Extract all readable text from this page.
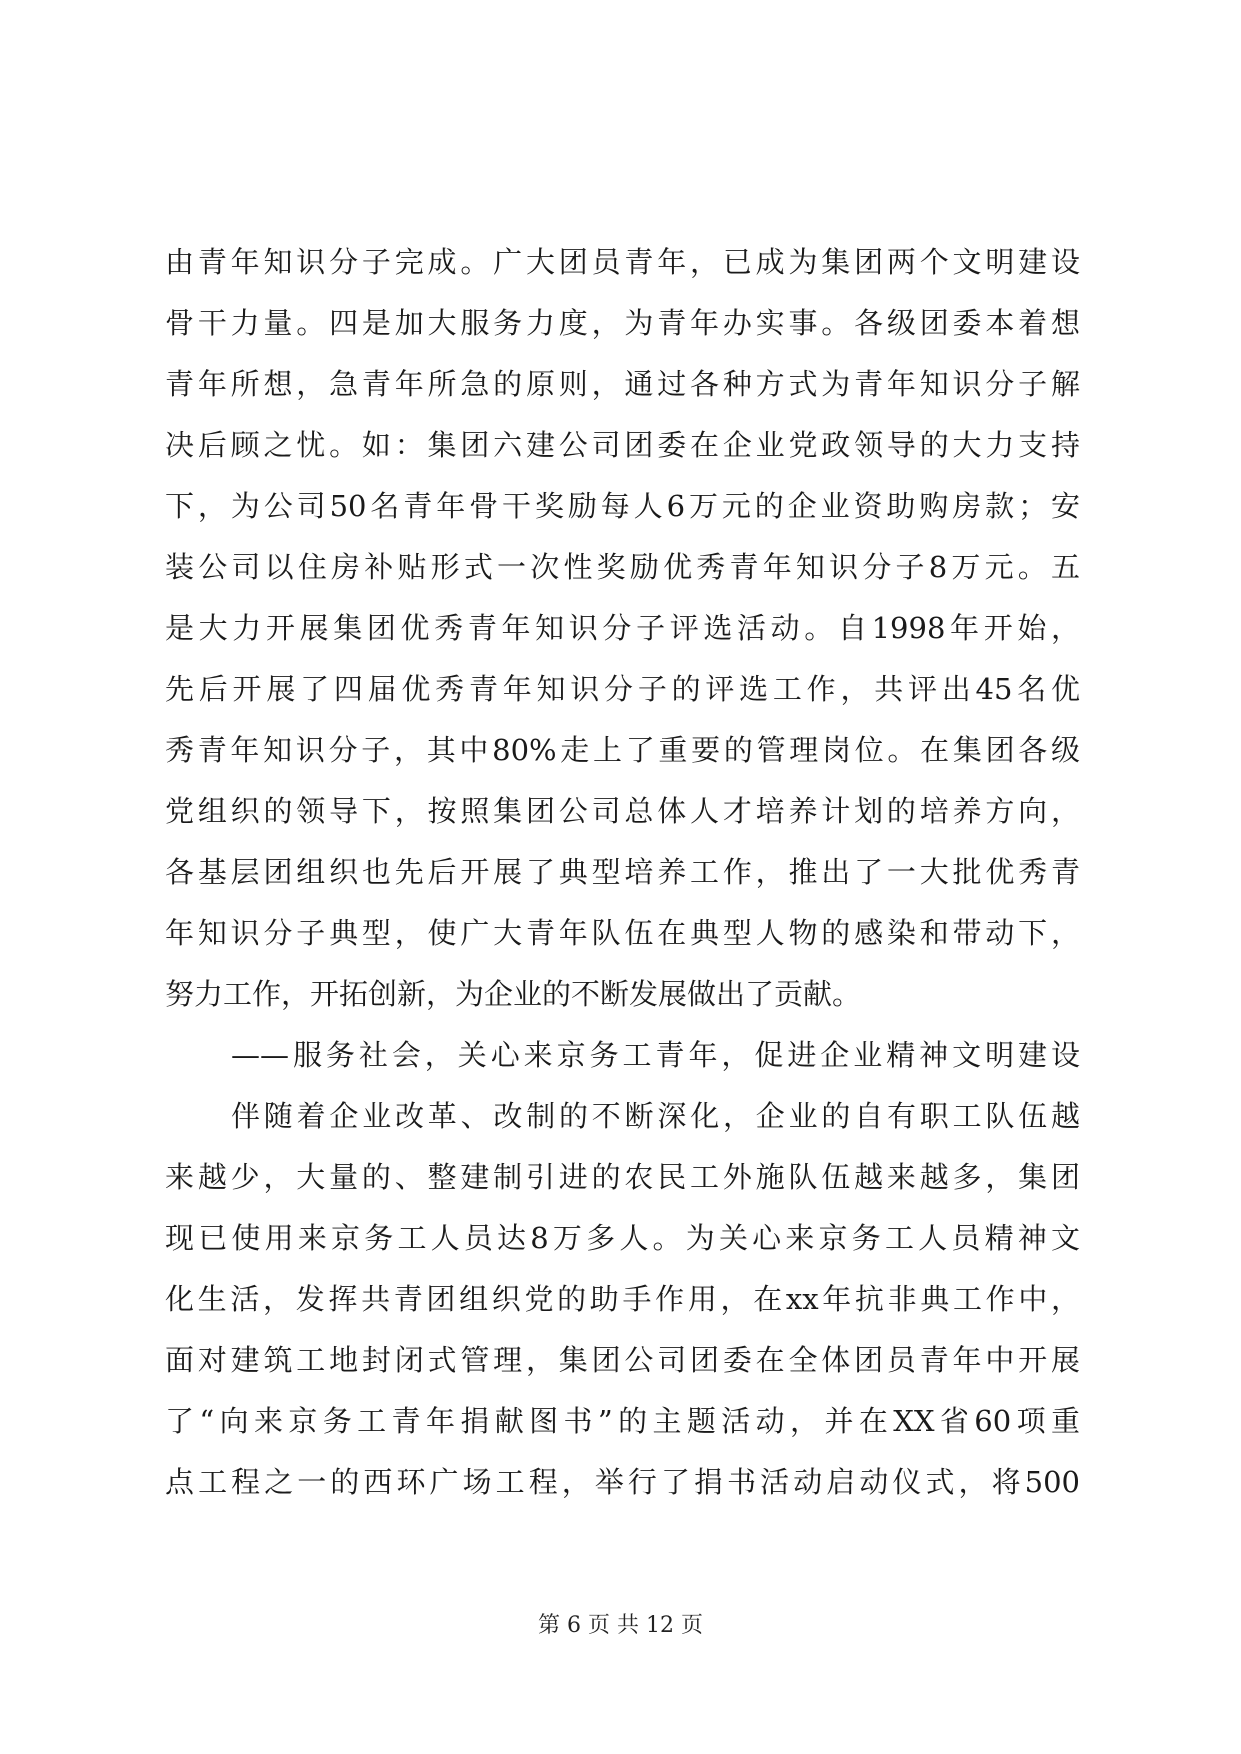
由青年知识分子完成。广大团员青年，已成为集团两个文明建设
骨干力量。四是加大服务力度，为青年办实事。各级团委本着想
青年所想，急青年所急的原则，通过各种方式为青年知识分子解
决后顾之忧。如：集团六建公司团委在企业党政领导的大力支持
下，为公司50名青年骨干奖励每人6万元的企业资助购房款；安
装公司以住房补贴形式一次性奖励优秀青年知识分子8万元。五
是大力开展集团优秀青年知识分子评选活动。自1998年开始，
先后开展了四届优秀青年知识分子的评选工作，共评出45名优
秀青年知识分子，其中80%走上了重要的管理岗位。在集团各级
党组织的领导下，按照集团公司总体人才培养计划的培养方向，
各基层团组织也先后开展了典型培养工作，推出了一大批优秀青
年知识分子典型，使广大青年队伍在典型人物的感染和带动下，
努力工作，开拓创新，为企业的不断发展做出了贡献。
——服务社会，关心来京务工青年，促进企业精神文明建设
伴随着企业改革、改制的不断深化，企业的自有职工队伍越
来越少，大量的、整建制引进的农民工外施队伍越来越多，集团
现已使用来京务工人员达8万多人。为关心来京务工人员精神文
化生活，发挥共青团组织党的助手作用，在xx年抗非典工作中，
面对建筑工地封闭式管理，集团公司团委在全体团员青年中开展
了“向来京务工青年捐献图书”的主题活动，并在XX省60项重
点工程之一的西环广场工程，举行了捐书活动启动仪式，将500
第 6 页 共 12 页
